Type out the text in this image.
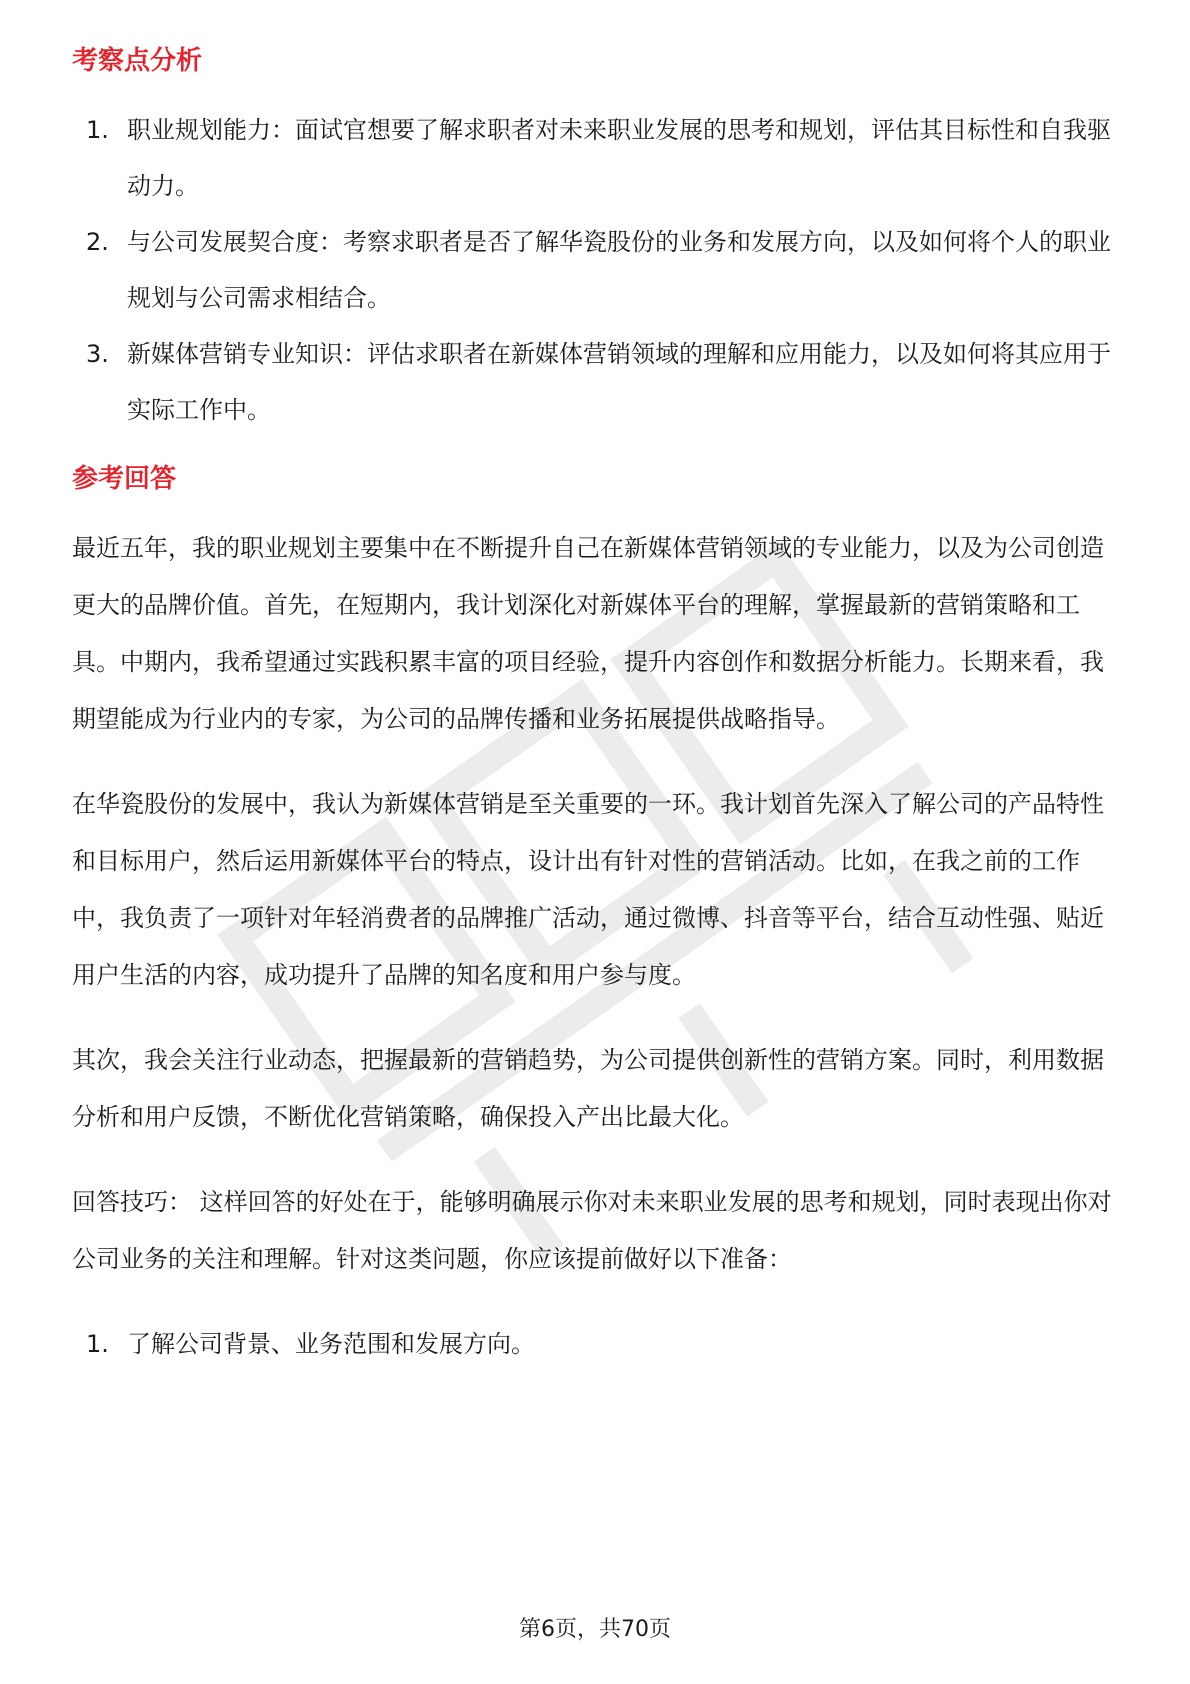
考察点分析
1. 职业规划能力：面试官想要了解求职者对未来职业发展的思考和规划，评估其目标性和自我驱动力。
2. 与公司发展契合度：考察求职者是否了解华瓷股份的业务和发展方向，以及如何将个人的职业规划与公司需求相结合。
3. 新媒体营销专业知识：评估求职者在新媒体营销领域的理解和应用能力，以及如何将其应用于实际工作中。
参考回答

最近五年，我的职业规划主要集中在不断提升自己在新媒体营销领域的专业能力，以及为公司创造更大的品牌价值。首先，在短期内，我计划深化对新媒体平台的理解，掌握最新的营销策略和工具。中期内，我希望通过实践积累丰富的项目经验，提升内容创作和数据分析能力。长期来看，我期望能成为行业内的专家，为公司的品牌传播和业务拓展提供战略指导。

在华瓷股份的发展中，我认为新媒体营销是至关重要的一环。我计划首先深入了解公司的产品特性和目标用户，然后运用新媒体平台的特点，设计出有针对性的营销活动。比如，在我之前的工作中，我负责了一项针对年轻消费者的品牌推广活动，通过微博、抖音等平台，结合互动性强、贴近用户生活的内容，成功提升了品牌的知名度和用户参与度。

其次，我会关注行业动态，把握最新的营销趋势，为公司提供创新性的营销方案。同时，利用数据分析和用户反馈，不断优化营销策略，确保投入产出比最大化。

回答技巧： 这样回答的好处在于，能够明确展示你对未来职业发展的思考和规划，同时表现出你对公司业务的关注和理解。针对这类问题，你应该提前做好以下准备：

1. 了解公司背景、业务范围和发展方向。
第6页，共70页
